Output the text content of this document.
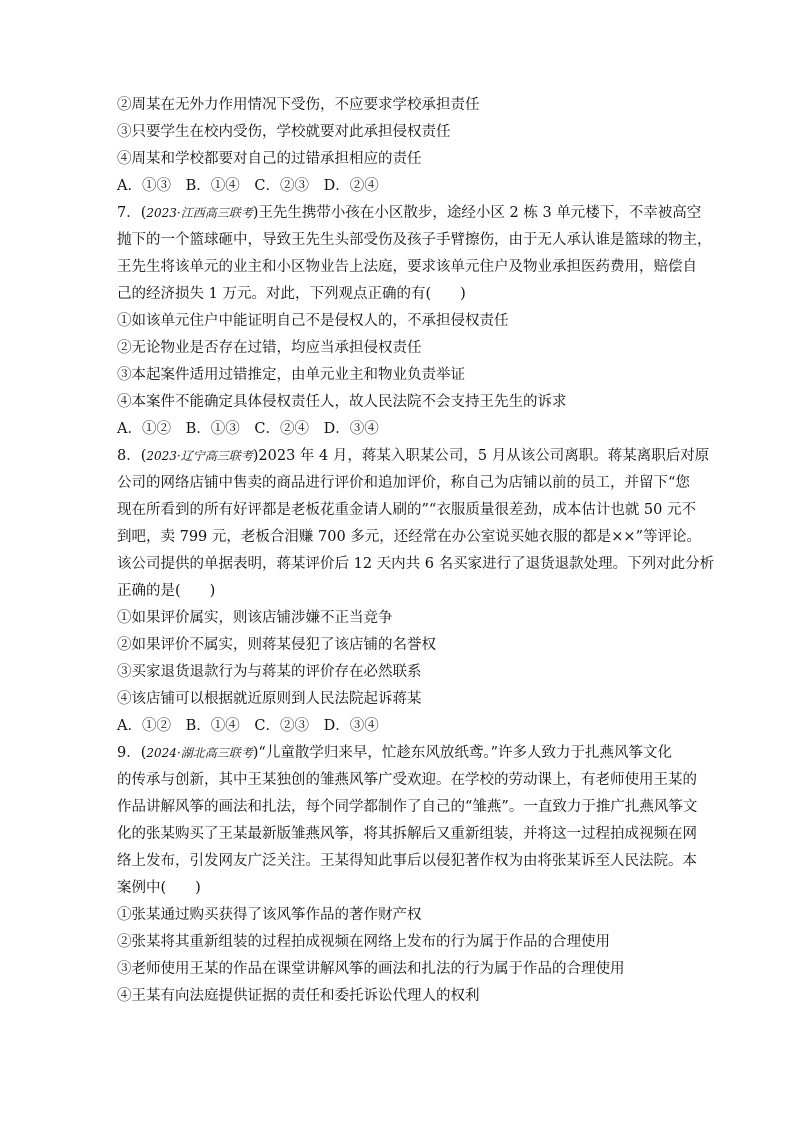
②周某在无外力作用情况下受伤，不应要求学校承担责任
③只要学生在校内受伤，学校就要对此承担侵权责任
④周某和学校都要对自己的过错承担相应的责任
A．①③ B．①④ C．②③ D．②④
7．(2023·江西高三联考)王先生携带小孩在小区散步，途经小区 2 栋 3 单元楼下，不幸被高空
抛下的一个篮球砸中，导致王先生头部受伤及孩子手臂擦伤，由于无人承认谁是篮球的物主，
王先生将该单元的业主和小区物业告上法庭，要求该单元住户及物业承担医药费用，赔偿自
己的经济损失 1 万元。对此，下列观点正确的有(　　)
①如该单元住户中能证明自己不是侵权人的，不承担侵权责任
②无论物业是否存在过错，均应当承担侵权责任
③本起案件适用过错推定，由单元业主和物业负责举证
④本案件不能确定具体侵权责任人，故人民法院不会支持王先生的诉求
A．①② B．①③ C．②④ D．③④
8．(2023·辽宁高三联考)2023 年 4 月，蒋某入职某公司，5 月从该公司离职。蒋某离职后对原
公司的网络店铺中售卖的商品进行评价和追加评价，称自己为店铺以前的员工，并留下“您
现在所看到的所有好评都是老板花重金请人刷的”“衣服质量很差劲，成本估计也就 50 元不
到吧，卖 799 元，老板合泪赚 700 多元，还经常在办公室说买她衣服的都是××”等评论。
该公司提供的单据表明，蒋某评价后 12 天内共 6 名买家进行了退货退款处理。下列对此分析
正确的是(　　)
①如果评价属实，则该店铺涉嫌不正当竞争
②如果评价不属实，则蒋某侵犯了该店铺的名誉权
③买家退货退款行为与蒋某的评价存在必然联系
④该店铺可以根据就近原则到人民法院起诉蒋某
A．①② B．①④ C．②③ D．③④
9．(2024·湖北高三联考)“儿童散学归来早，忙趁东风放纸鸢。”许多人致力于扎燕风筝文化
的传承与创新，其中王某独创的雏燕风筝广受欢迎。在学校的劳动课上，有老师使用王某的
作品讲解风筝的画法和扎法，每个同学都制作了自己的“雏燕”。一直致力于推广扎燕风筝文
化的张某购买了王某最新版雏燕风筝，将其拆解后又重新组装，并将这一过程拍成视频在网
络上发布，引发网友广泛关注。王某得知此事后以侵犯著作权为由将张某诉至人民法院。本
案例中(　　)
①张某通过购买获得了该风筝作品的著作财产权
②张某将其重新组装的过程拍成视频在网络上发布的行为属于作品的合理使用
③老师使用王某的作品在课堂讲解风筝的画法和扎法的行为属于作品的合理使用
④王某有向法庭提供证据的责任和委托诉讼代理人的权利
